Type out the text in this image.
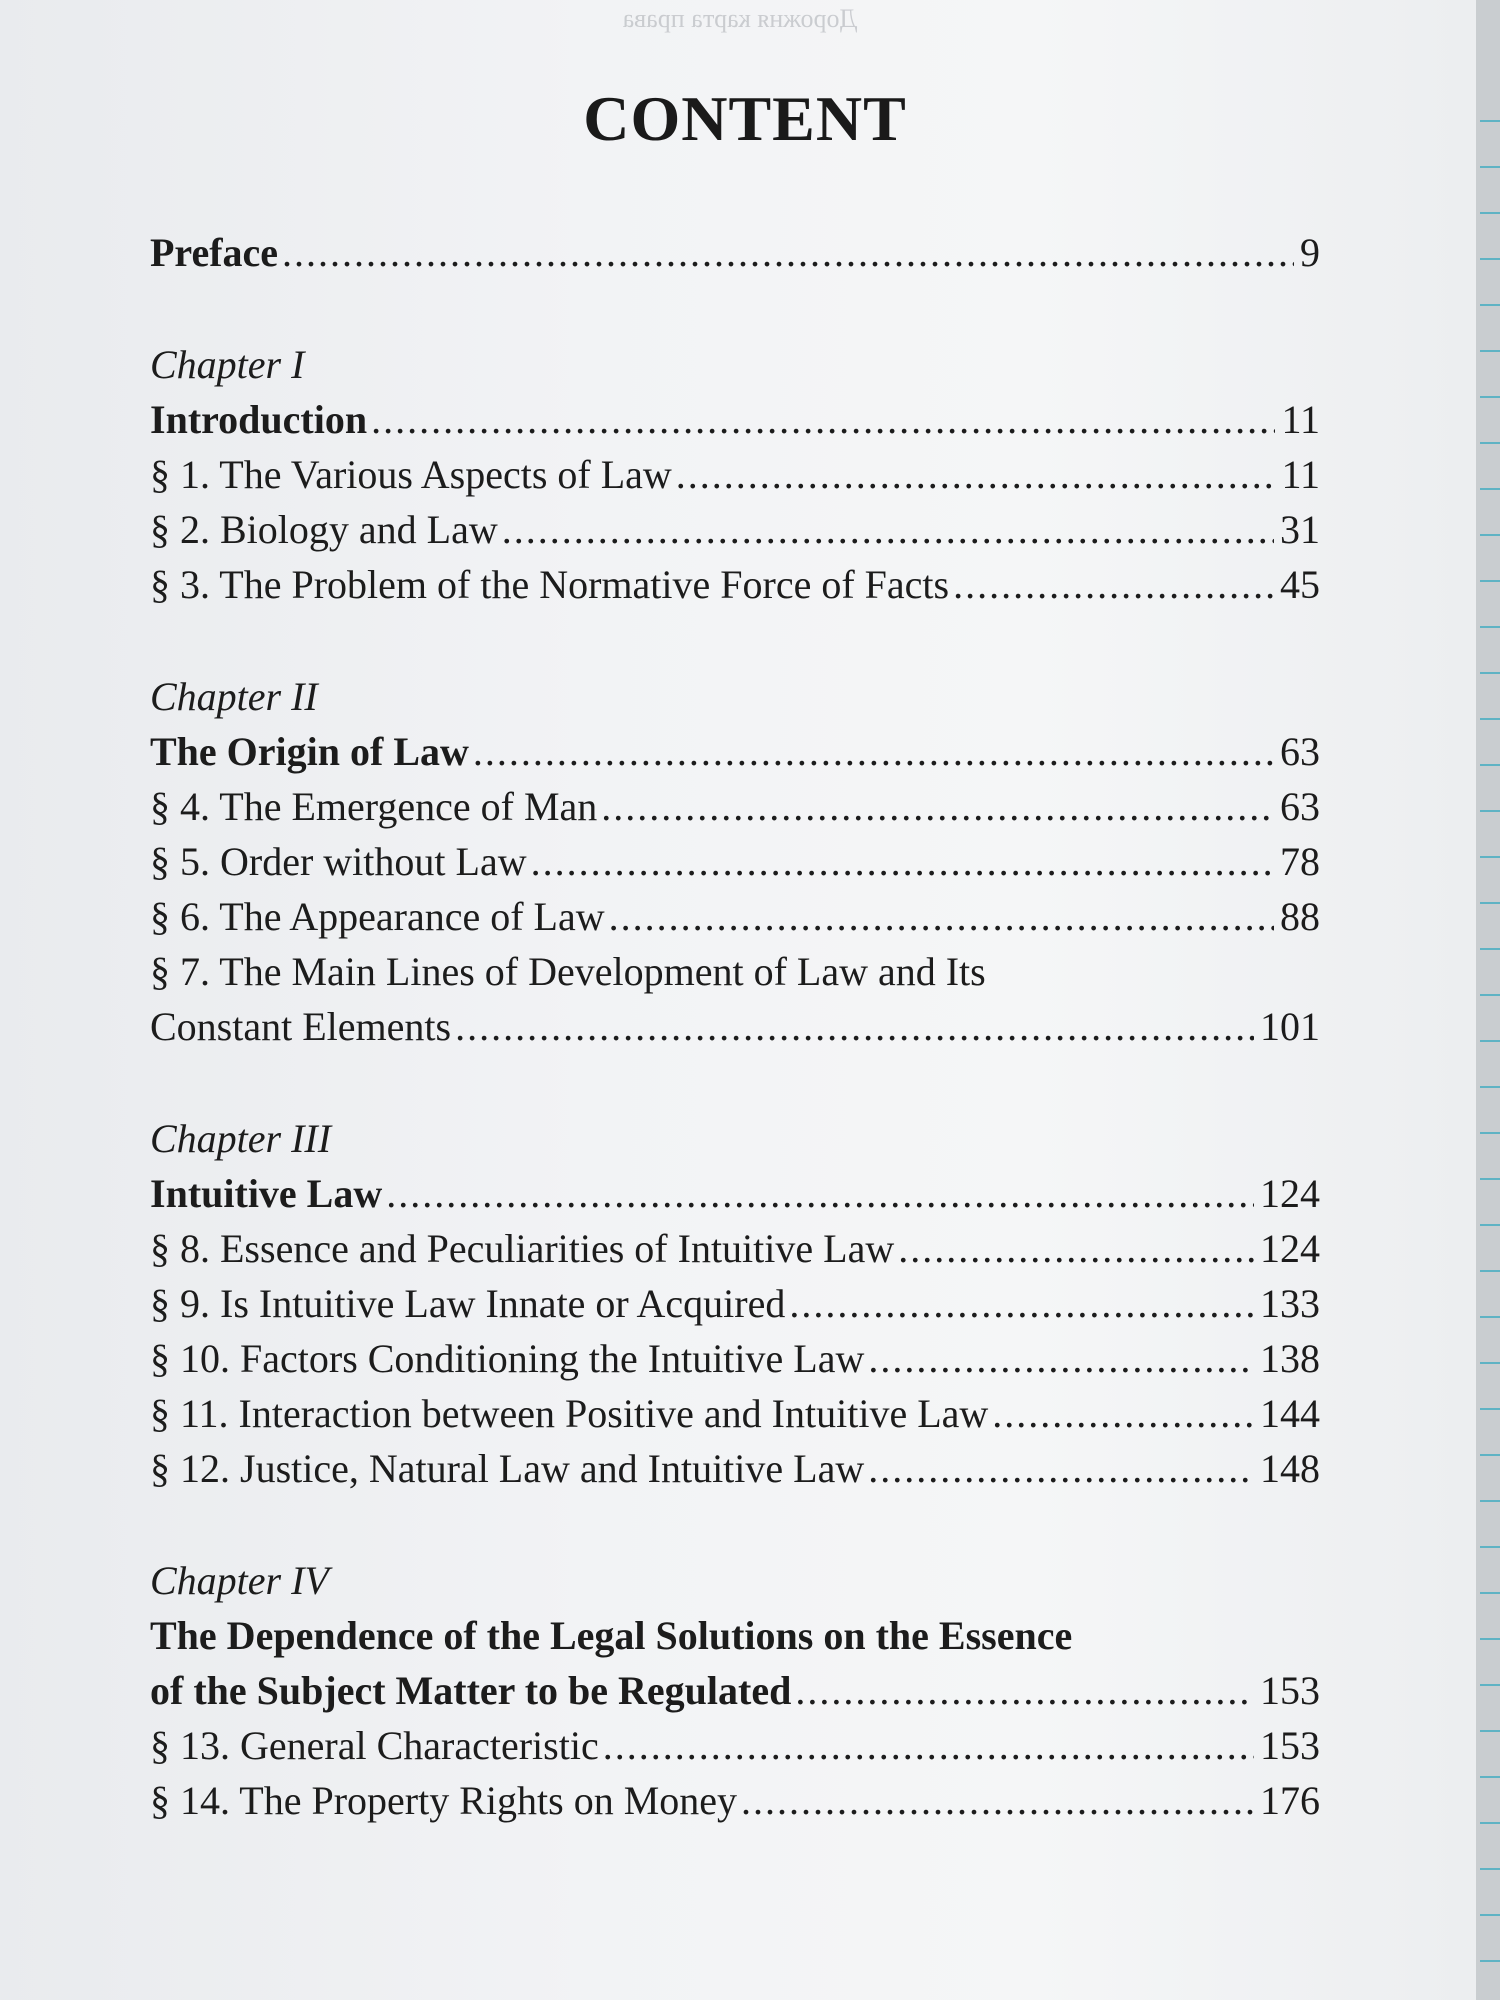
Дорожня карта права
CONTENT
Preface .....	9
Chapter I
Introduction .....	11
§ 1. The Various Aspects of Law .....	11
§ 2. Biology and Law .....	31
§ 3. The Problem of the Normative Force of Facts .....	45
Chapter II
The Origin of Law .....	63
§ 4. The Emergence of Man .....	63
§ 5. Order without Law .....	78
§ 6. The Appearance of Law .....	88
§ 7. The Main Lines of Development of Law and Its
Constant Elements .....	101
Chapter III
Intuitive Law .....	124
§ 8. Essence and Peculiarities of Intuitive Law .....	124
§ 9. Is Intuitive Law Innate or Acquired .....	133
§ 10. Factors Conditioning the Intuitive Law .....	138
§ 11. Interaction between Positive and Intuitive Law .....	144
§ 12. Justice, Natural Law and Intuitive Law .....	148
Chapter IV
The Dependence of the Legal Solutions on the Essence
of the Subject Matter to be Regulated .....	153
§ 13. General Characteristic .....	153
§ 14. The Property Rights on Money .....	176
